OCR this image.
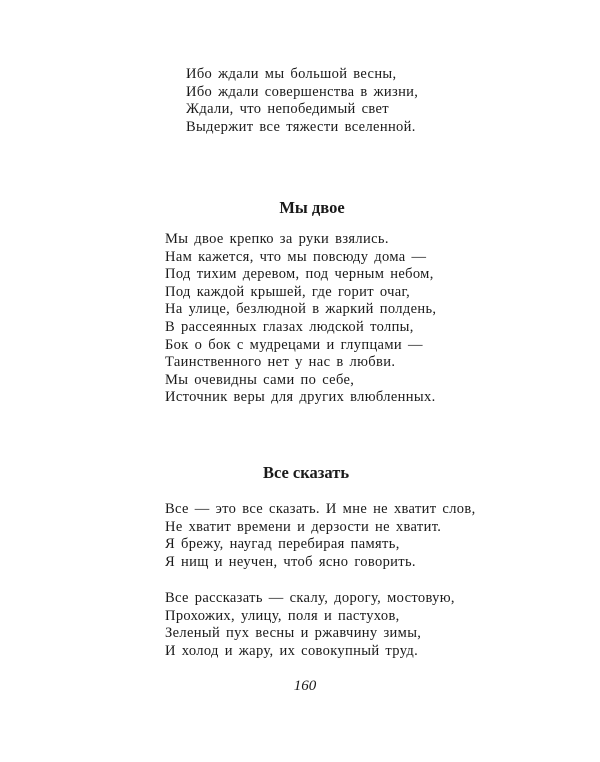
Ибо ждали мы большой весны,
Ибо ждали совершенства в жизни,
Ждали, что непобедимый свет
Выдержит все тяжести вселенной.
Мы двое
Мы двое крепко за руки взялись.
Нам кажется, что мы повсюду дома —
Под тихим деревом, под черным небом,
Под каждой крышей, где горит очаг,
На улице, безлюдной в жаркий полдень,
В рассеянных глазах людской толпы,
Бок о бок с мудрецами и глупцами —
Таинственного нет у нас в любви.
Мы очевидны сами по себе,
Источник веры для других влюбленных.
Все сказать
Все — это все сказать. И мне не хватит слов,
Не хватит времени и дерзости не хватит.
Я брежу, наугад перебирая память,
Я нищ и неучен, чтоб ясно говорить.
Все рассказать — скалу, дорогу, мостовую,
Прохожих, улицу, поля и пастухов,
Зеленый пух весны и ржавчину зимы,
И холод и жару, их совокупный труд.
160
